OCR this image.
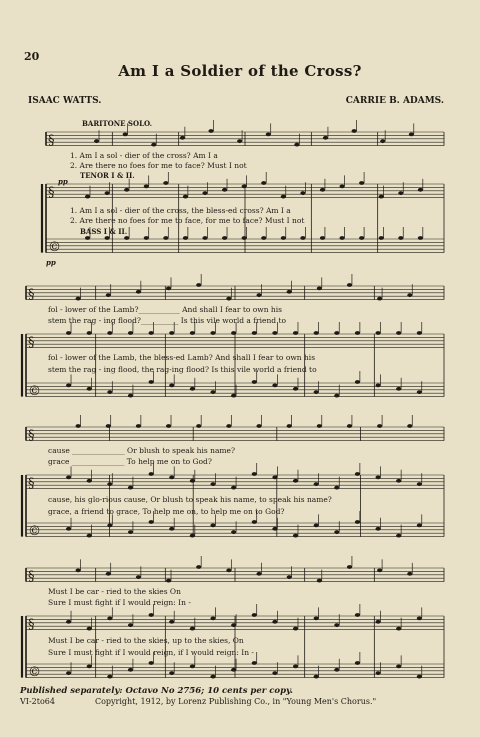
20
Am I a Soldier of the Cross?
ISAAC WATTS.	CARRIE B. ADAMS.
§
§
©
§
§
©
§
§
©
§
§
©
BARITONE SOLO.
TENOR I & II.
BASS I & II.
pp
pp
1. Am I a sol - dier of the cross? Am I a
2. Are there no foes for me to face? Must I not
1. Am I a sol - dier of the cross, the bless-ed cross? Am I a
2. Are there no foes for me to face, for me to face? Must I not
fol - lower of the Lamb?___________ And shall I fear to own his
stem the rag - ing flood?__________ Is this vile world a friend to
fol - lower of the Lamb, the bless-ed Lamb? And shall I fear to own his
stem the rag - ing flood, the rag-ing flood? Is this vile world a friend to
cause ______________ Or blush to speak his name?
grace ______________ To help me on to God?
cause, his glo-rious cause, Or blush to speak his name, to speak his name?
grace, a friend to grace, To help me on, to help me on to God?
Must I be car - ried to the skies On
Sure I must fight if I would reign: In -
Must I be car - ried to the skies, up to the skies, On
Sure I must fight if I would reign, if I would reign: In -
Published separately: Octavo No 2756; 10 cents per copy.
VI-2to64	Copyright, 1912, by Lorenz Publishing Co., in "Young Men's Chorus."
